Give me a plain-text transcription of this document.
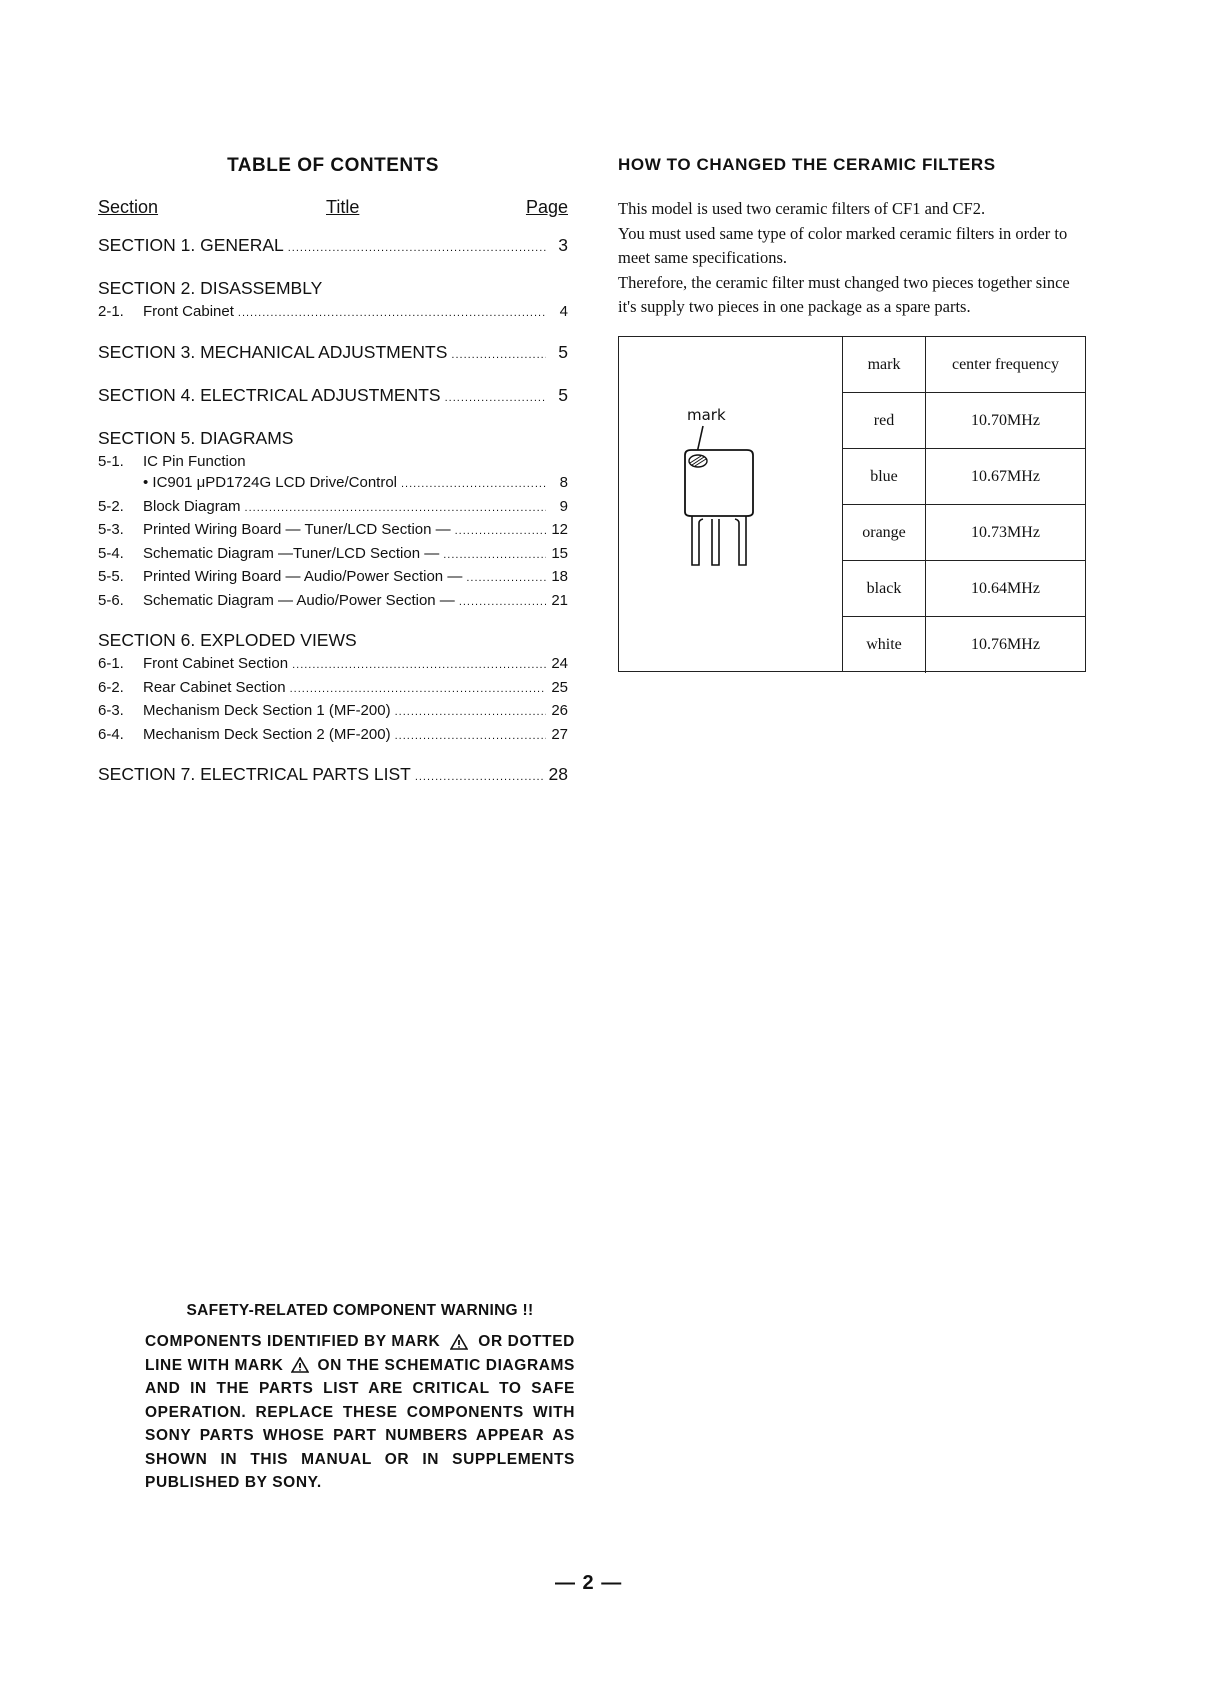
TABLE OF CONTENTS
Section	Title	Page
SECTION 1. GENERAL .....	3
SECTION 2. DISASSEMBLY
2-1.	Front Cabinet .....	4
SECTION 3. MECHANICAL ADJUSTMENTS .....	5
SECTION 4. ELECTRICAL ADJUSTMENTS .....	5
SECTION 5. DIAGRAMS
5-1.	IC Pin Function
• IC901 μPD1724G LCD Drive/Control .....	8
5-2.	Block Diagram .....	9
5-3.	Printed Wiring Board — Tuner/LCD Section — .....	12
5-4.	Schematic Diagram —Tuner/LCD Section — .....	15
5-5.	Printed Wiring Board — Audio/Power Section — .....	18
5-6.	Schematic Diagram — Audio/Power Section — .....	21
SECTION 6. EXPLODED VIEWS
6-1.	Front Cabinet Section .....	24
6-2.	Rear Cabinet Section .....	25
6-3.	Mechanism Deck Section 1 (MF-200) .....	26
6-4.	Mechanism Deck Section 2 (MF-200) .....	27
SECTION 7. ELECTRICAL PARTS LIST .....	28
HOW TO CHANGED THE CERAMIC FILTERS

This model is used two ceramic filters of CF1 and CF2.

You must used same type of color marked ceramic filters in order to meet same specifications.

Therefore, the ceramic filter must changed two pieces together since it's supply two pieces in one package as a spare parts.

mark
mark	center frequency
red	10.70MHz
blue	10.67MHz
orange	10.73MHz
black	10.64MHz
white	10.76MHz
SAFETY-RELATED COMPONENT WARNING !!
COMPONENTS IDENTIFIED BY MARK OR DOTTED
LINE WITH MARK ON THE SCHEMATIC DIAGRAMS
AND IN THE PARTS LIST ARE CRITICAL TO SAFE OPERATION. REPLACE THESE COMPONENTS WITH SONY PARTS WHOSE PART NUMBERS APPEAR AS SHOWN IN THIS MANUAL OR IN SUPPLEMENTS PUBLISHED BY SONY.
— 2 —
